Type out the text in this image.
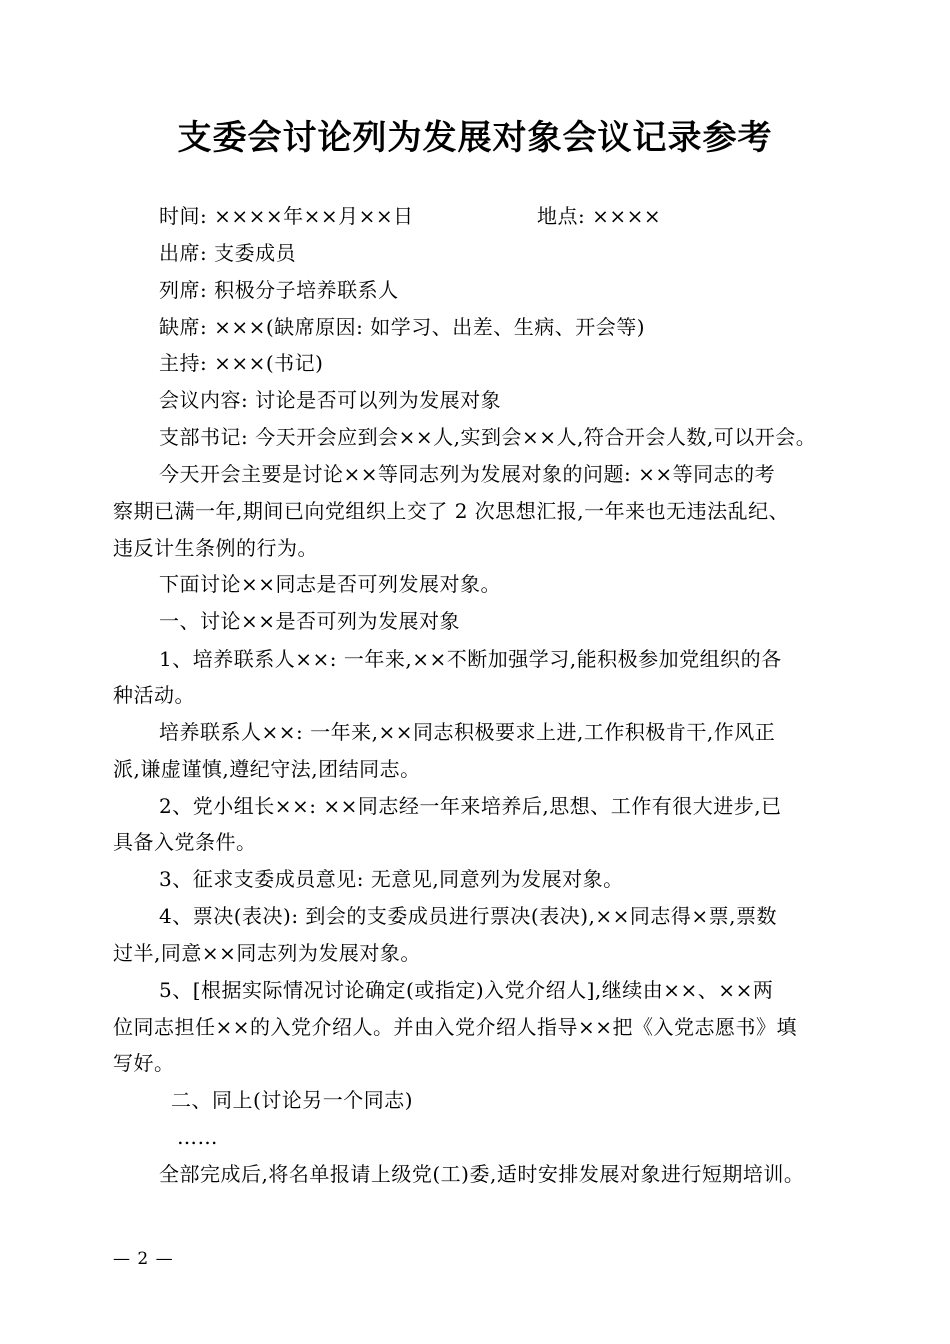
支委会讨论列为发展对象会议记录参考
时间: ××××年××月××日	地点: ××××
出席: 支委成员
列席: 积极分子培养联系人
缺席: ×××(缺席原因: 如学习、出差、生病、开会等)
主持: ×××(书记)
会议内容: 讨论是否可以列为发展对象
支部书记: 今天开会应到会××人,实到会××人,符合开会人数,可以开会。
今天开会主要是讨论××等同志列为发展对象的问题: ××等同志的考
察期已满一年,期间已向党组织上交了 2 次思想汇报,一年来也无违法乱纪、
违反计生条例的行为。
下面讨论××同志是否可列发展对象。
一、讨论××是否可列为发展对象
1、培养联系人××: 一年来,××不断加强学习,能积极参加党组织的各
种活动。
培养联系人××: 一年来,××同志积极要求上进,工作积极肯干,作风正
派,谦虚谨慎,遵纪守法,团结同志。
2、党小组长××: ××同志经一年来培养后,思想、工作有很大进步,已
具备入党条件。
3、征求支委成员意见: 无意见,同意列为发展对象。
4、票决(表决): 到会的支委成员进行票决(表决),××同志得×票,票数
过半,同意××同志列为发展对象。
5、[根据实际情况讨论确定(或指定)入党介绍人],继续由××、××两
位同志担任××的入党介绍人。并由入党介绍人指导××把《入党志愿书》填
写好。
二、同上(讨论另一个同志)
……
全部完成后,将名单报请上级党(工)委,适时安排发展对象进行短期培训。
— 2 —
